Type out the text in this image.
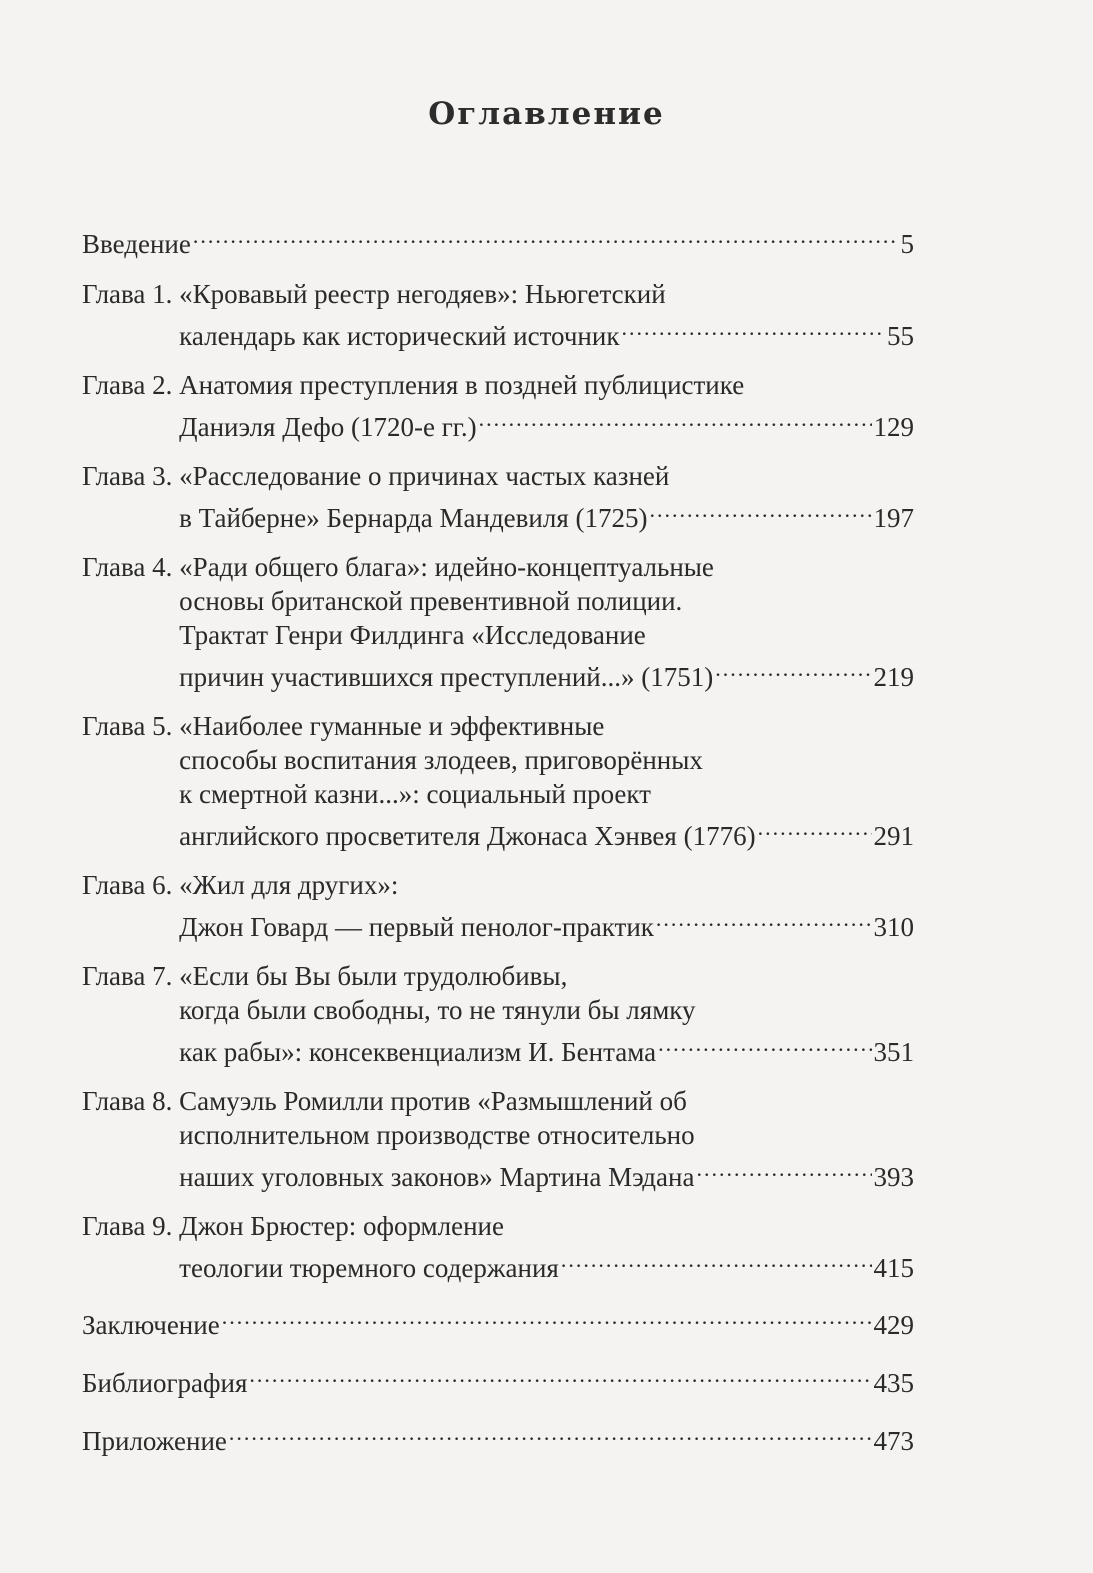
Оглавление
Введение .....	5
Глава 1. «Кровавый реестр негодяев»: Ньюгетский
календарь как исторический источник .....	55
Глава 2. Анатомия преступления в поздней публицистике
Даниэля Дефо (1720-е гг.) .....	129
Глава 3. «Расследование о причинах частых казней
в Тайберне» Бернарда Мандевиля (1725) .....	197
Глава 4. «Ради общего блага»: идейно-концептуальные
основы британской превентивной полиции.
Трактат Генри Филдинга «Исследование
причин участившихся преступлений...» (1751) .....	219
Глава 5. «Наиболее гуманные и эффективные
способы воспитания злодеев, приговорённых
к смертной казни...»: социальный проект
английского просветителя Джонаса Хэнвея (1776) .....	291
Глава 6. «Жил для других»:
Джон Говард — первый пенолог-практик .....	310
Глава 7. «Если бы Вы были трудолюбивы,
когда были свободны, то не тянули бы лямку
как рабы»: консеквенциализм И. Бентама .....	351
Глава 8. Самуэль Ромилли против «Размышлений об
исполнительном производстве относительно
наших уголовных законов» Мартина Мэдана .....	393
Глава 9. Джон Брюстер: оформление
теологии тюремного содержания .....	415
Заключение .....	429
Библиография .....	435
Приложение .....	473
